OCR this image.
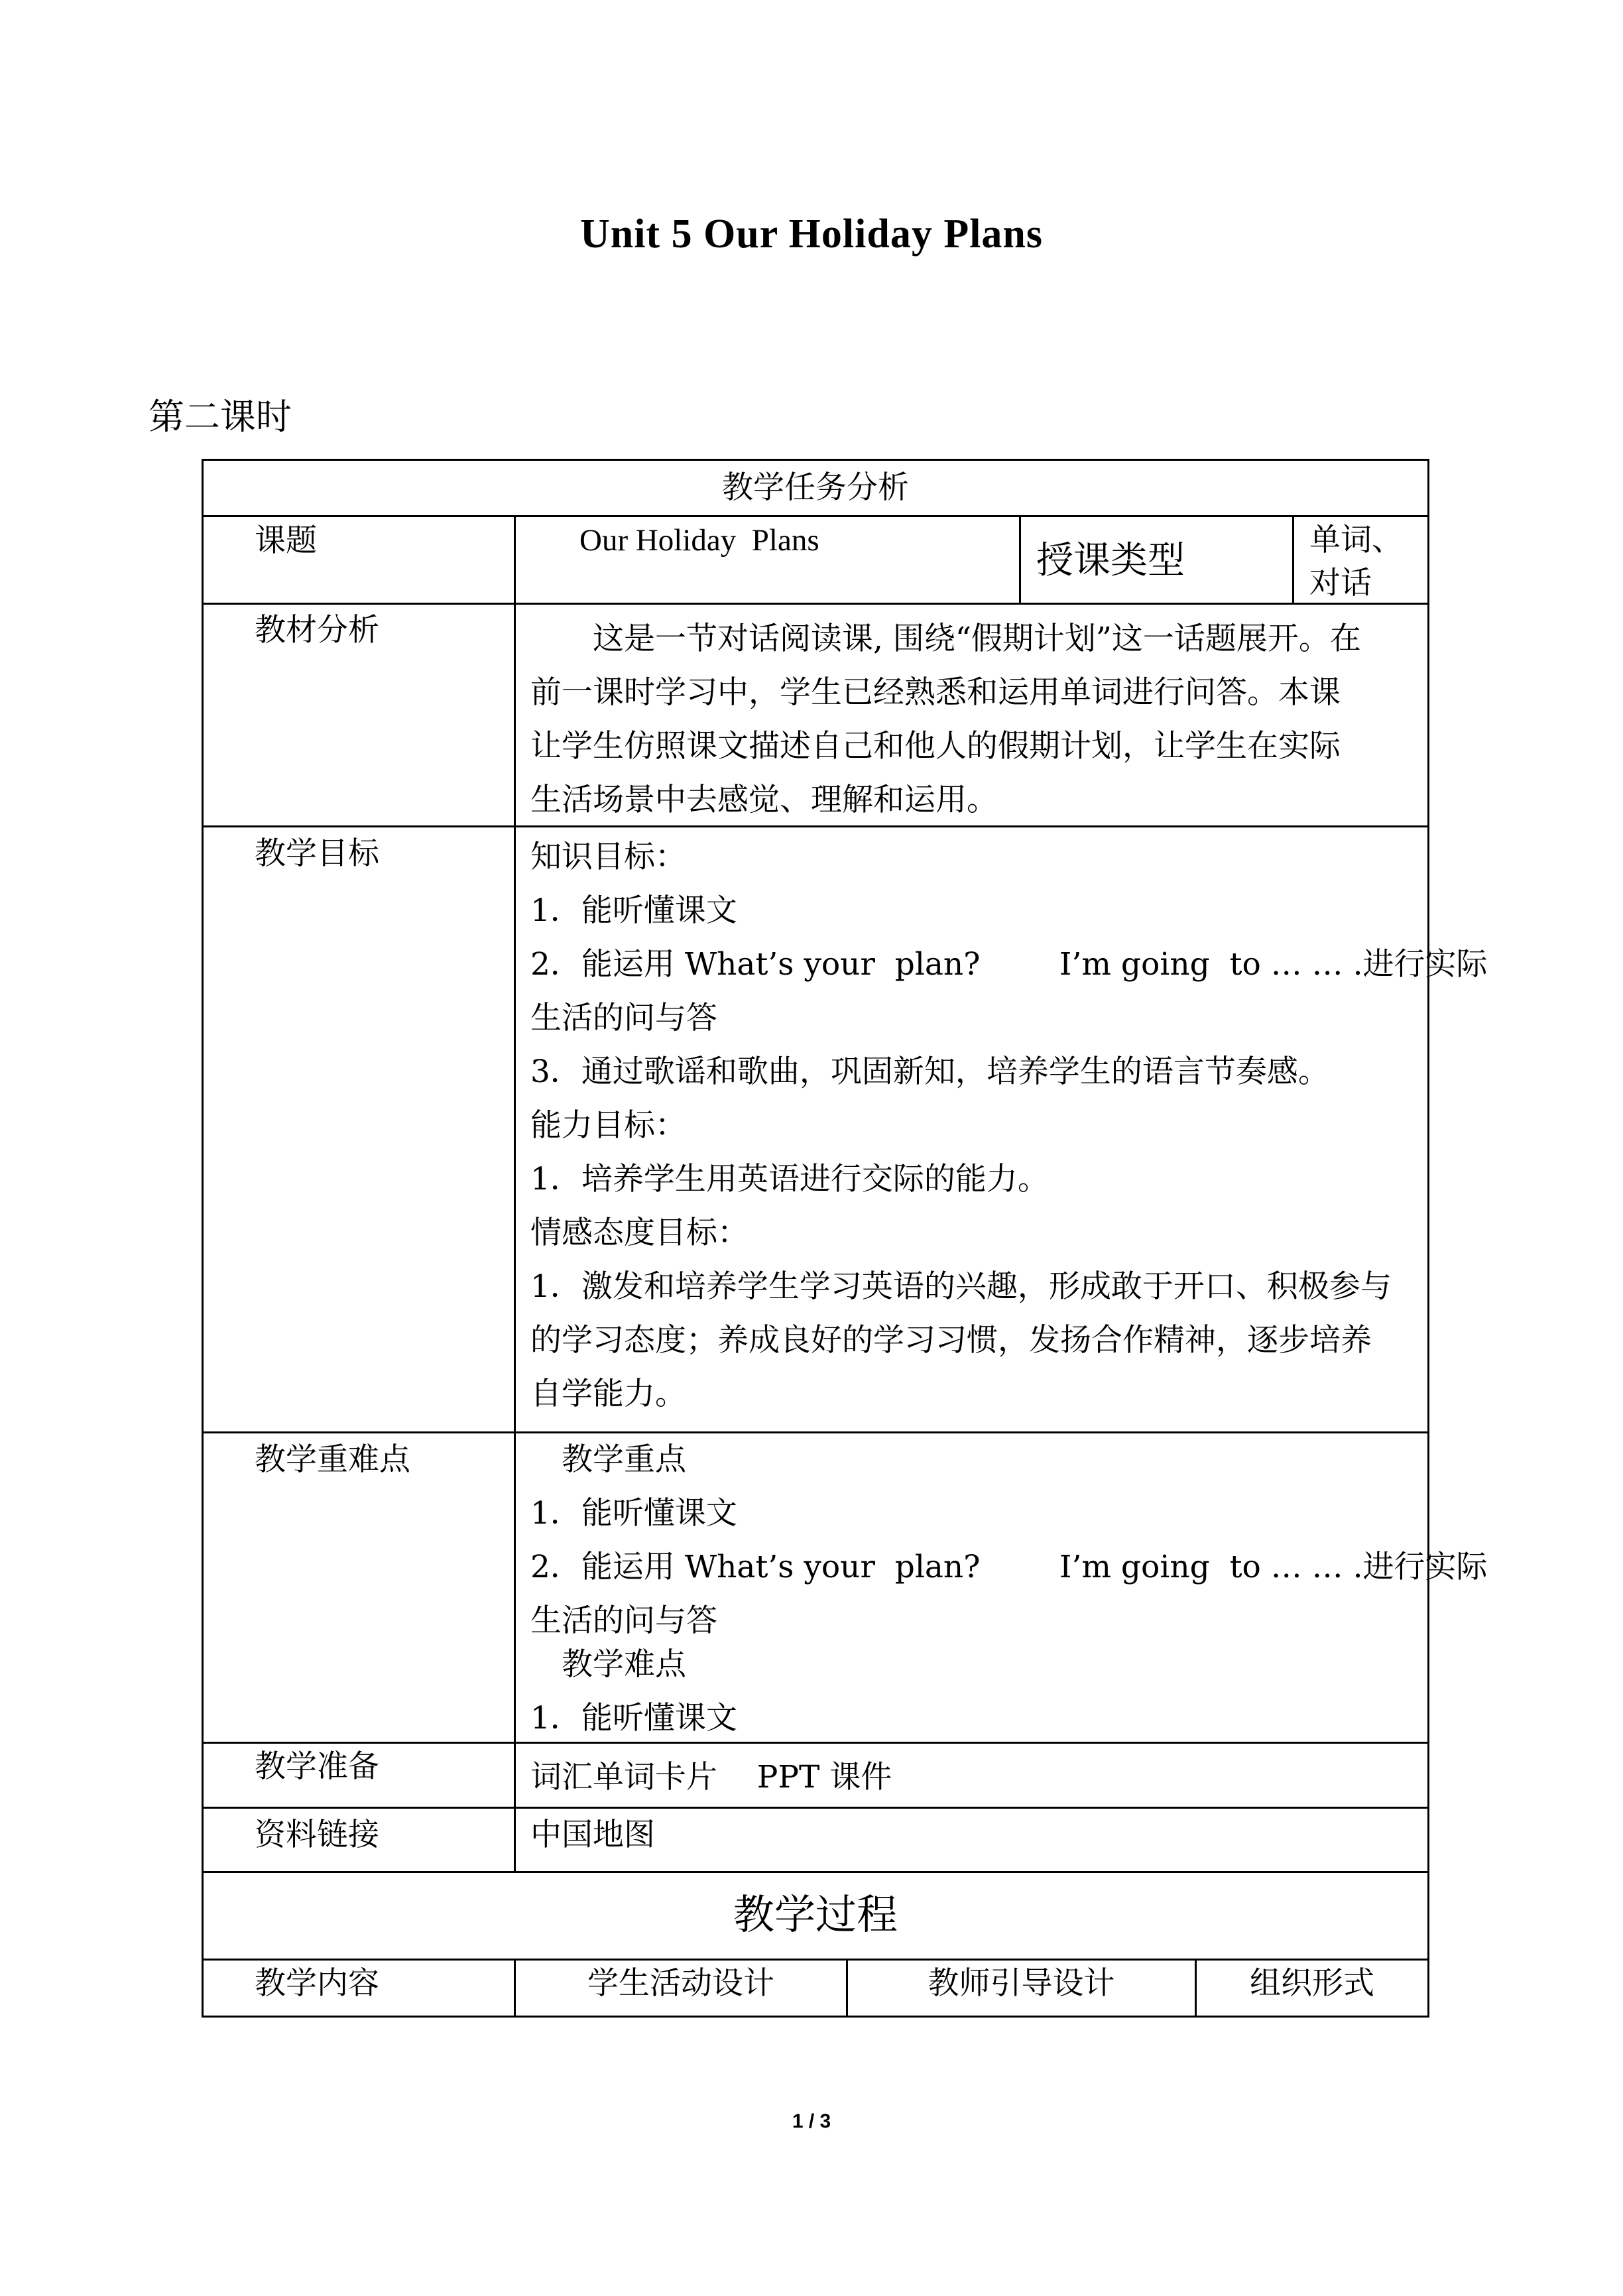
Unit 5 Our Holiday Plans
第二课时
教学任务分析
课题	Our Holiday  Plans	授课类型	单词、
对话
教材分析	　　这是一节对话阅读课, 围绕“假期计划”这一话题展开。在
前一课时学习中，学生已经熟悉和运用单词进行问答。本课
让学生仿照课文描述自己和他人的假期计划，让学生在实际
生活场景中去感觉、理解和运用。
教学目标	知识目标：
1．能听懂课文
2．能运用 What’s your  plan?        I’m going  to … … .进行实际
生活的问与答
3．通过歌谣和歌曲，巩固新知，培养学生的语言节奏感。
能力目标：
1．培养学生用英语进行交际的能力。
情感态度目标：
1．激发和培养学生学习英语的兴趣，形成敢于开口、积极参与
的学习态度；养成良好的学习习惯，发扬合作精神，逐步培养
自学能力。
教学重难点	　教学重点
1．能听懂课文
2．能运用 What’s your  plan?        I’m going  to … … .进行实际
生活的问与答
　教学难点
1．能听懂课文
教学准备	词汇单词卡片    PPT 课件
资料链接	中国地图
教学过程
教学内容	学生活动设计	教师引导设计	组织形式
1 / 3
